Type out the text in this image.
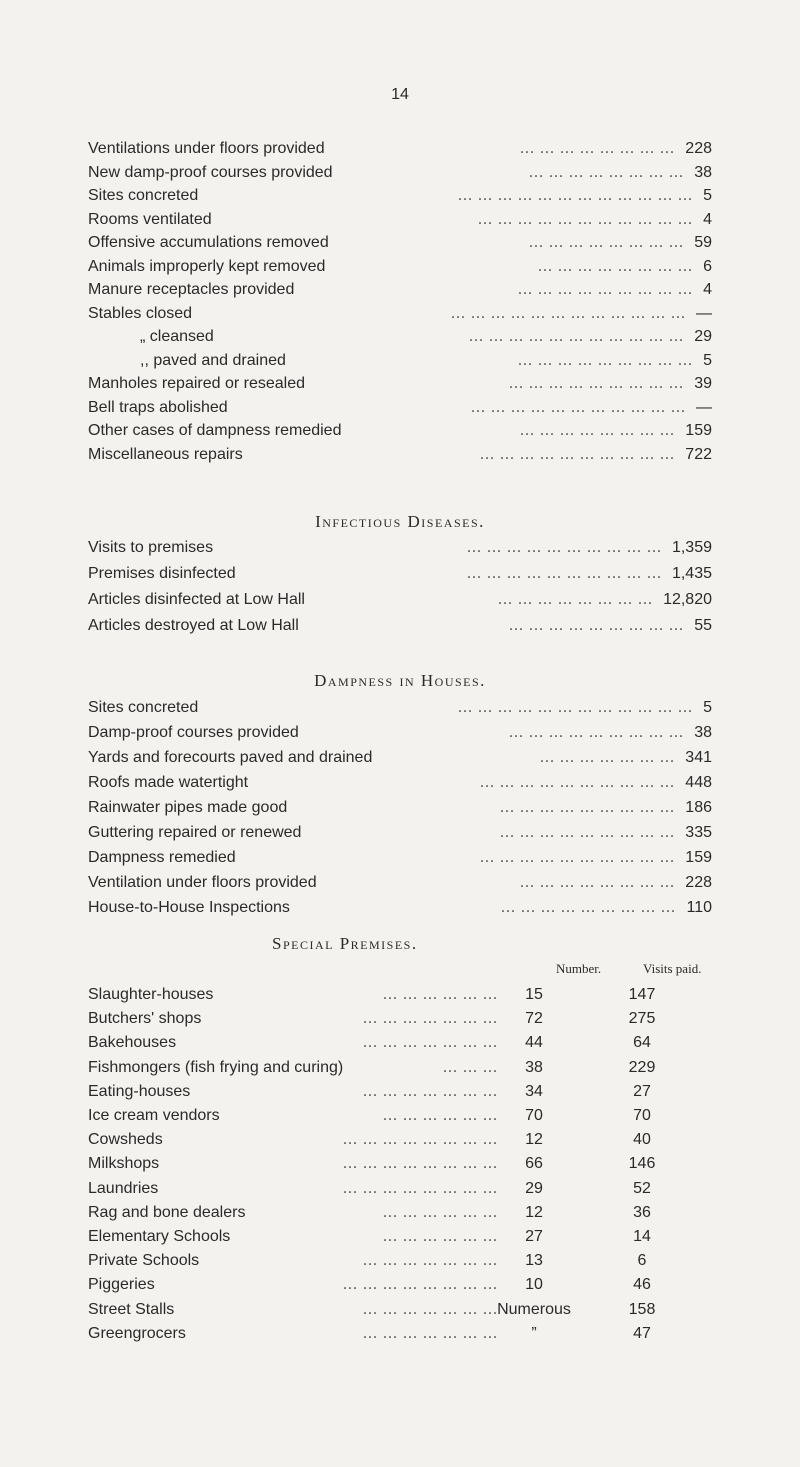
14
Ventilations under floors provided	... ... ... ... ... ... ... ... 228
New damp-proof courses provided	... ... ... ... ... ... ... ... 38
Sites concreted	... ... ... ... ... ... ... ... ... ... ... ... 5
Rooms ventilated	... ... ... ... ... ... ... ... ... ... ... 4
Offensive accumulations removed	... ... ... ... ... ... ... ... 59
Animals improperly kept removed	... ... ... ... ... ... ... ... 6
Manure receptacles provided	... ... ... ... ... ... ... ... ... 4
Stables closed	... ... ... ... ... ... ... ... ... ... ... ... —
„ cleansed	... ... ... ... ... ... ... ... ... ... ... 29
,, paved and drained	... ... ... ... ... ... ... ... ... 5
Manholes repaired or resealed	... ... ... ... ... ... ... ... ... 39
Bell traps abolished	... ... ... ... ... ... ... ... ... ... ... —
Other cases of dampness remedied	... ... ... ... ... ... ... ... 159
Miscellaneous repairs	... ... ... ... ... ... ... ... ... ... 722
Infectious Diseases.
Visits to premises	... ... ... ... ... ... ... ... ... ... 1,359
Premises disinfected	... ... ... ... ... ... ... ... ... ... 1,435
Articles disinfected at Low Hall	... ... ... ... ... ... ... ... 12,820
Articles destroyed at Low Hall	... ... ... ... ... ... ... ... ... 55
Dampness in Houses.
Sites concreted	... ... ... ... ... ... ... ... ... ... ... ... 5
Damp-proof courses provided	... ... ... ... ... ... ... ... ... 38
Yards and forecourts paved and drained	... ... ... ... ... ... ... 341
Roofs made watertight	... ... ... ... ... ... ... ... ... ... 448
Rainwater pipes made good	... ... ... ... ... ... ... ... ... 186
Guttering repaired or renewed	... ... ... ... ... ... ... ... ... 335
Dampness remedied	... ... ... ... ... ... ... ... ... ... 159
Ventilation under floors provided	... ... ... ... ... ... ... ... 228
House-to-House Inspections	... ... ... ... ... ... ... ... ... 110
Special Premises.
Number.	Visits paid.
Slaughter-houses	... ... ... ... ... ...	15	147
Butchers' shops	... ... ... ... ... ... ...	72	275
Bakehouses	... ... ... ... ... ... ...	44	64
Fishmongers (fish frying and curing)	... ... ...	38	229
Eating-houses	... ... ... ... ... ... ...	34	27
Ice cream vendors	... ... ... ... ... ...	70	70
Cowsheds	... ... ... ... ... ... ... ...	12	40
Milkshops	... ... ... ... ... ... ... ...	66	146
Laundries	... ... ... ... ... ... ... ...	29	52
Rag and bone dealers	... ... ... ... ... ...	12	36
Elementary Schools	... ... ... ... ... ...	27	14
Private Schools	... ... ... ... ... ... ...	13	6
Piggeries	... ... ... ... ... ... ... ...	10	46
Street Stalls	... ... ... ... ... ... ... Numerous	158
Greengrocers	... ... ... ... ... ... ...	”	47
